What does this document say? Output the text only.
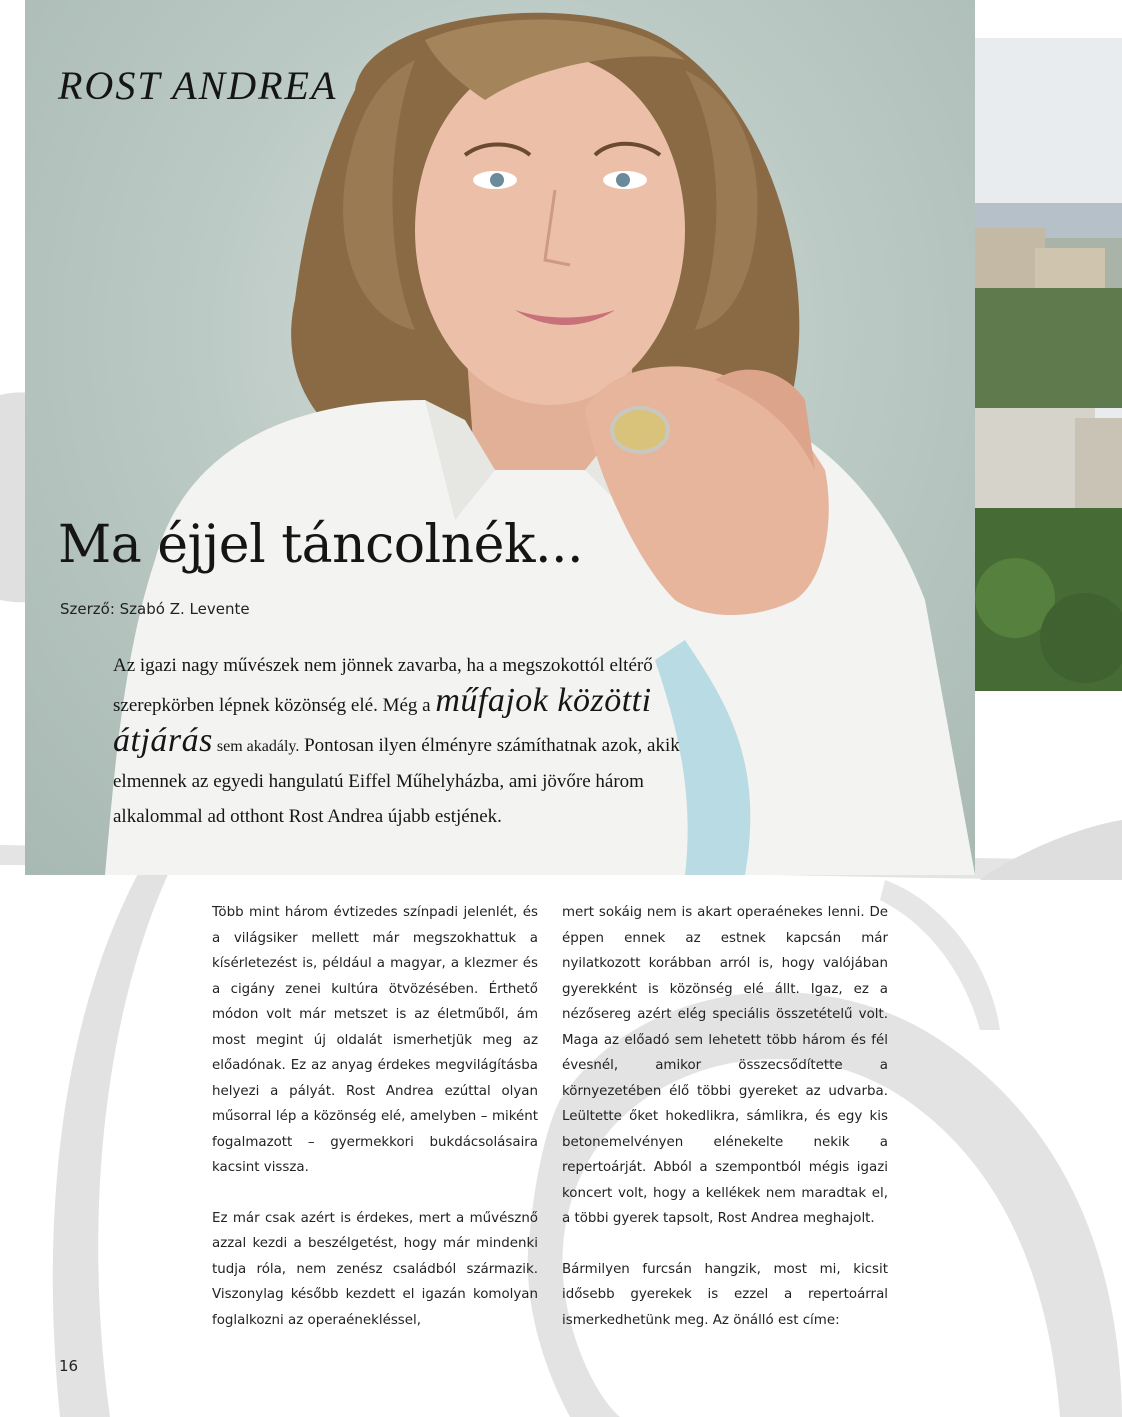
ROST ANDREA
Ma éjjel táncolnék...
Szerző: Szabó Z. Levente

Az igazi nagy művészek nem jönnek zavarba, ha a megszokottól eltérő szerepkörben lépnek közönség elé. Még a műfajok közötti átjárás sem akadály. Pontosan ilyen élményre számíthatnak azok, akik elmennek az egyedi hangulatú Eiffel Műhelyházba, ami jövőre három alkalommal ad otthont Rost Andrea újabb estjének.

Több mint három évtizedes színpadi jelenlét, és a világsiker mellett már megszokhattuk a kísérletezést is, például a magyar, a klezmer és a cigány zenei kultúra ötvözésében. Érthető módon volt már metszet is az életműből, ám most megint új oldalát ismerhetjük meg az előadónak. Ez az anyag érdekes megvilágításba helyezi a pályát. Rost Andrea ezúttal olyan műsorral lép a közönség elé, amelyben – miként fogalmazott – gyermekkori bukdácsolásaira kacsint vissza.

Ez már csak azért is érdekes, mert a művésznő azzal kezdi a beszélgetést, hogy már mindenki tudja róla, nem zenész családból származik. Viszonylag később kezdett el igazán komolyan foglalkozni az operaénekléssel,

mert sokáig nem is akart operaénekes lenni. De éppen ennek az estnek kapcsán már nyilatkozott korábban arról is, hogy valójában gyerekként is közönség elé állt. Igaz, ez a nézősereg azért elég speciális összetételű volt. Maga az előadó sem lehetett több három és fél évesnél, amikor összecsődítette a környezetében élő többi gyereket az udvarba. Leültette őket hokedlikra, sámlikra, és egy kis betonemelvényen elénekelte nekik a repertoárját. Abból a szempontból mégis igazi koncert volt, hogy a kellékek nem maradtak el, a többi gyerek tapsolt, Rost Andrea meghajolt.

Bármilyen furcsán hangzik, most mi, kicsit idősebb gyerekek is ezzel a repertoárral ismerkedhetünk meg. Az önálló est címe:

16
